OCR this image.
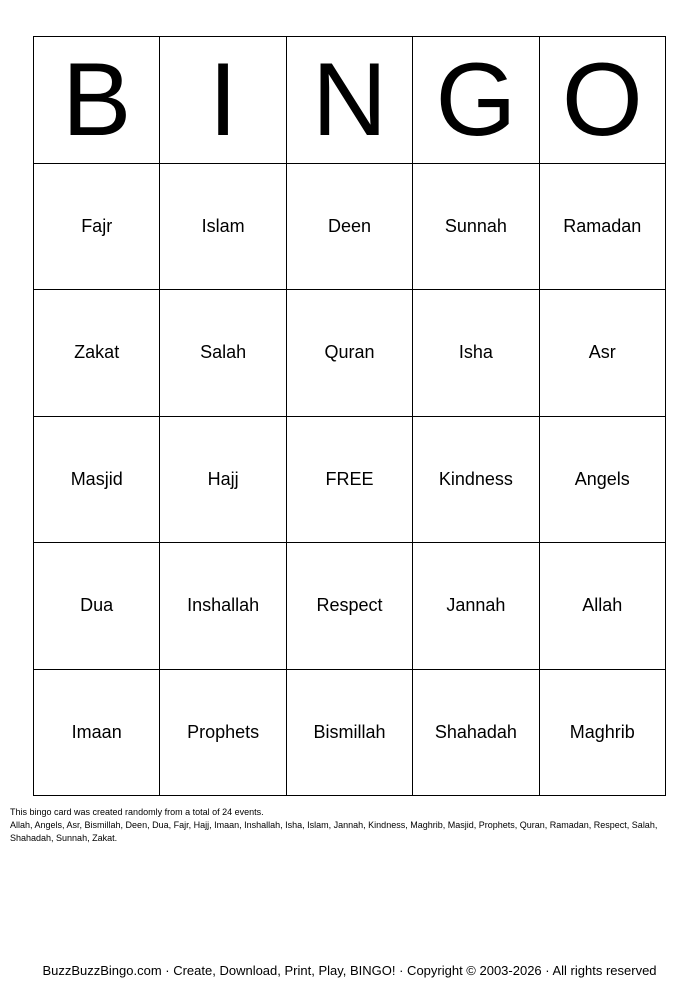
B I N G O
Fajr	Islam	Deen	Sunnah	Ramadan
Zakat	Salah	Quran	Isha	Asr
Masjid	Hajj	FREE	Kindness	Angels
Dua	Inshallah	Respect	Jannah	Allah
Imaan	Prophets	Bismillah	Shahadah	Maghrib

This bingo card was created randomly from a total of 24 events.

Allah, Angels, Asr, Bismillah, Deen, Dua, Fajr, Hajj, Imaan, Inshallah, Isha, Islam, Jannah, Kindness, Maghrib, Masjid, Prophets, Quran, Ramadan, Respect, Salah, Shahadah, Sunnah, Zakat.

BuzzBuzzBingo.com · Create, Download, Print, Play, BINGO! · Copyright © 2003-2026 · All rights reserved
